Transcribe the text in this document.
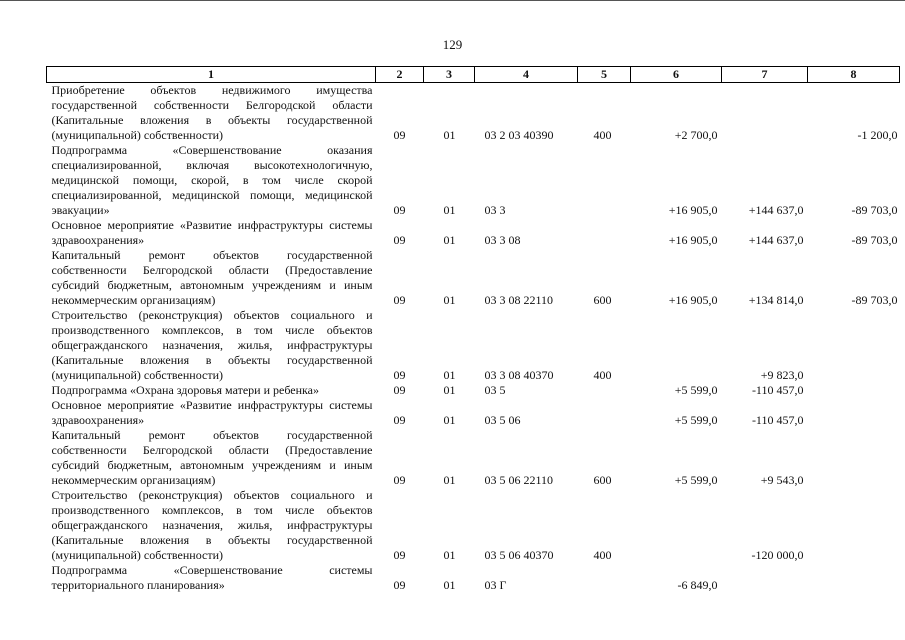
129
1	2	3	4	5	6	7	8
Приобретение объектов недвижимого имущества государственной собственности Белгородской области (Капитальные вложения в объекты государственной (муниципальной) собственности)	09	01	03 2 03 40390	400	+2 700,0		-1 200,0
Подпрограмма «Совершенствование оказания специализированной, включая высокотехнологичную, медицинской помощи, скорой, в том числе скорой специализированной, медицинской помощи, медицинской эвакуации»	09	01	03 3		+16 905,0	+144 637,0	-89 703,0
Основное мероприятие «Развитие инфраструктуры системы здравоохранения»	09	01	03 3 08		+16 905,0	+144 637,0	-89 703,0
Капитальный ремонт объектов государственной собственности Белгородской области (Предоставление субсидий бюджетным, автономным учреждениям и иным некоммерческим организациям)	09	01	03 3 08 22110	600	+16 905,0	+134 814,0	-89 703,0
Строительство (реконструкция) объектов социального и производственного комплексов, в том числе объектов общегражданского назначения, жилья, инфраструктуры (Капитальные вложения в объекты государственной (муниципальной) собственности)	09	01	03 3 08 40370	400		+9 823,0	
Подпрограмма «Охрана здоровья матери и ребенка»	09	01	03 5		+5 599,0	-110 457,0	
Основное мероприятие «Развитие инфраструктуры системы здравоохранения»	09	01	03 5 06		+5 599,0	-110 457,0	
Капитальный ремонт объектов государственной собственности Белгородской области (Предоставление субсидий бюджетным, автономным учреждениям и иным некоммерческим организациям)	09	01	03 5 06 22110	600	+5 599,0	+9 543,0	
Строительство (реконструкция) объектов социального и производственного комплексов, в том числе объектов общегражданского назначения, жилья, инфраструктуры (Капитальные вложения в объекты государственной (муниципальной) собственности)	09	01	03 5 06 40370	400		-120 000,0	
Подпрограмма «Совершенствование системы территориального планирования»	09	01	03 Г		-6 849,0		
